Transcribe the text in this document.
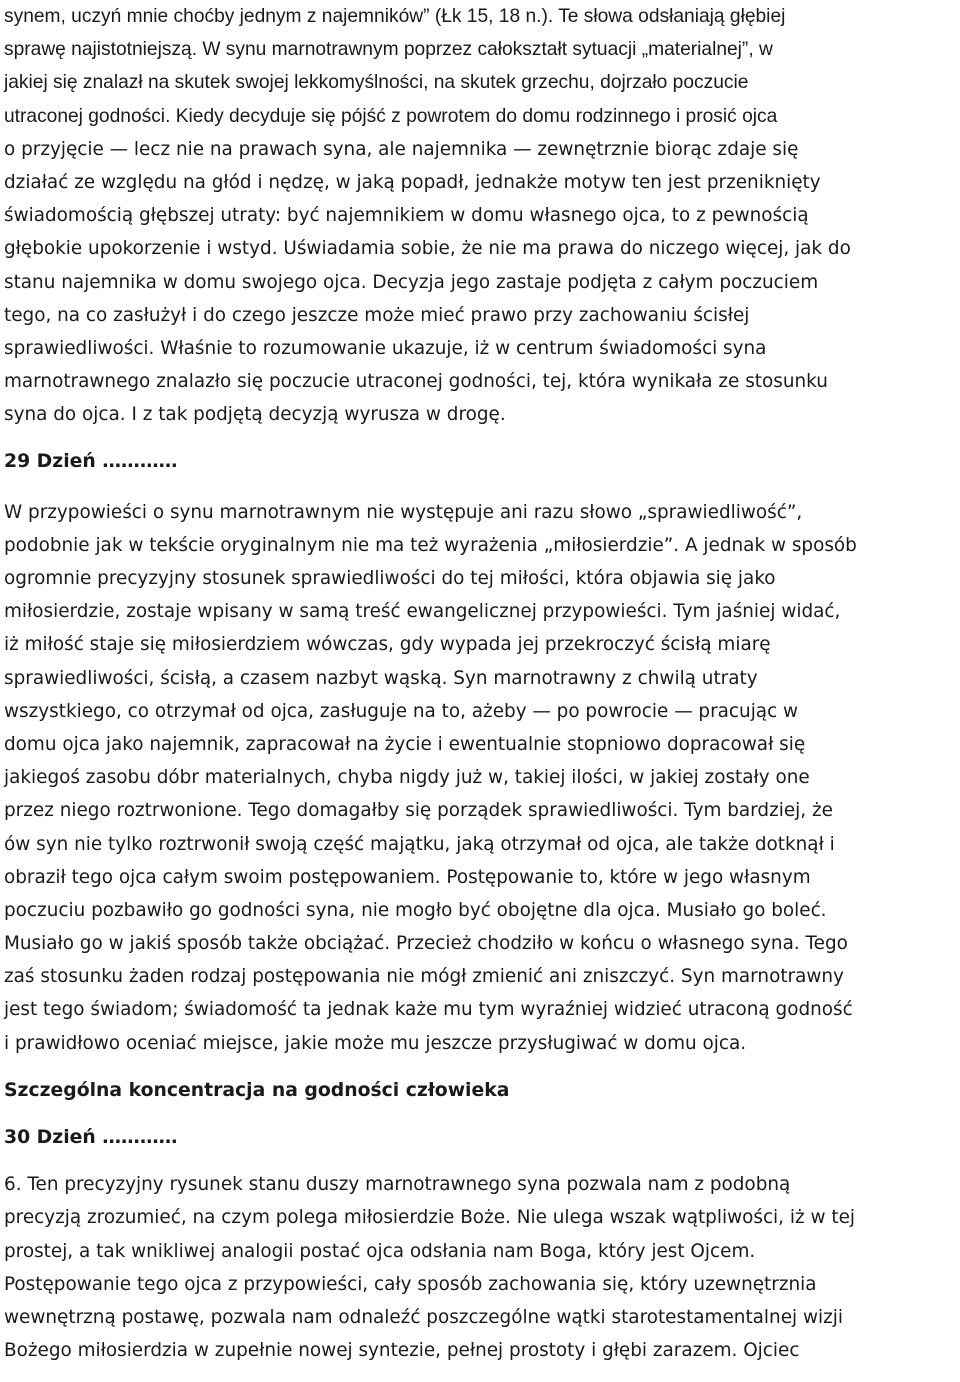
synem, uczyń mnie choćby jednym z najemników” (Łk 15, 18 n.). Te słowa odsłaniają głębiej
sprawę najistotniejszą. W synu marnotrawnym poprzez całokształt sytuacji „materialnej”, w
jakiej się znalazł na skutek swojej lekkomyślności, na skutek grzechu, dojrzało poczucie
utraconej godności. Kiedy decyduje się pójść z powrotem do domu rodzinnego i prosić ojca
o przyjęcie — lecz nie na prawach syna, ale najemnika — zewnętrznie biorąc zdaje się
działać ze względu na głód i nędzę, w jaką popadł, jednakże motyw ten jest przeniknięty
świadomością głębszej utraty: być najemnikiem w domu własnego ojca, to z pewnością
głębokie upokorzenie i wstyd. Uświadamia sobie, że nie ma prawa do niczego więcej, jak do
stanu najemnika w domu swojego ojca. Decyzja jego zastaje podjęta z całym poczuciem
tego, na co zasłużył i do czego jeszcze może mieć prawo przy zachowaniu ścisłej
sprawiedliwości. Właśnie to rozumowanie ukazuje, iż w centrum świadomości syna
marnotrawnego znalazło się poczucie utraconej godności, tej, która wynikała ze stosunku
syna do ojca. I z tak podjętą decyzją wyrusza w drogę.
29 Dzień …………
W przypowieści o synu marnotrawnym nie występuje ani razu słowo „sprawiedliwość”,
podobnie jak w tekście oryginalnym nie ma też wyrażenia „miłosierdzie”. A jednak w sposób
ogromnie precyzyjny stosunek sprawiedliwości do tej miłości, która objawia się jako
miłosierdzie, zostaje wpisany w samą treść ewangelicznej przypowieści. Tym jaśniej widać,
iż miłość staje się miłosierdziem wówczas, gdy wypada jej przekroczyć ścisłą miarę
sprawiedliwości, ścisłą, a czasem nazbyt wąską. Syn marnotrawny z chwilą utraty
wszystkiego, co otrzymał od ojca, zasługuje na to, ażeby — po powrocie — pracując w
domu ojca jako najemnik, zapracował na życie i ewentualnie stopniowo dopracował się
jakiegoś zasobu dóbr materialnych, chyba nigdy już w, takiej ilości, w jakiej zostały one
przez niego roztrwonione. Tego domagałby się porządek sprawiedliwości. Tym bardziej, że
ów syn nie tylko roztrwonił swoją część majątku, jaką otrzymał od ojca, ale także dotknął i
obraził tego ojca całym swoim postępowaniem. Postępowanie to, które w jego własnym
poczuciu pozbawiło go godności syna, nie mogło być obojętne dla ojca. Musiało go boleć.
Musiało go w jakiś sposób także obciążać. Przecież chodziło w końcu o własnego syna. Tego
zaś stosunku żaden rodzaj postępowania nie mógł zmienić ani zniszczyć. Syn marnotrawny
jest tego świadom; świadomość ta jednak każe mu tym wyraźniej widzieć utraconą godność
i prawidłowo oceniać miejsce, jakie może mu jeszcze przysługiwać w domu ojca.
Szczególna koncentracja na godności człowieka
30 Dzień …………
6. Ten precyzyjny rysunek stanu duszy marnotrawnego syna pozwala nam z podobną
precyzją zrozumieć, na czym polega miłosierdzie Boże. Nie ulega wszak wątpliwości, iż w tej
prostej, a tak wnikliwej analogii postać ojca odsłania nam Boga, który jest Ojcem.
Postępowanie tego ojca z przypowieści, cały sposób zachowania się, który uzewnętrznia
wewnętrzną postawę, pozwala nam odnaleźć poszczególne wątki starotestamentalnej wizji
Bożego miłosierdzia w zupełnie nowej syntezie, pełnej prostoty i głębi zarazem. Ojciec
